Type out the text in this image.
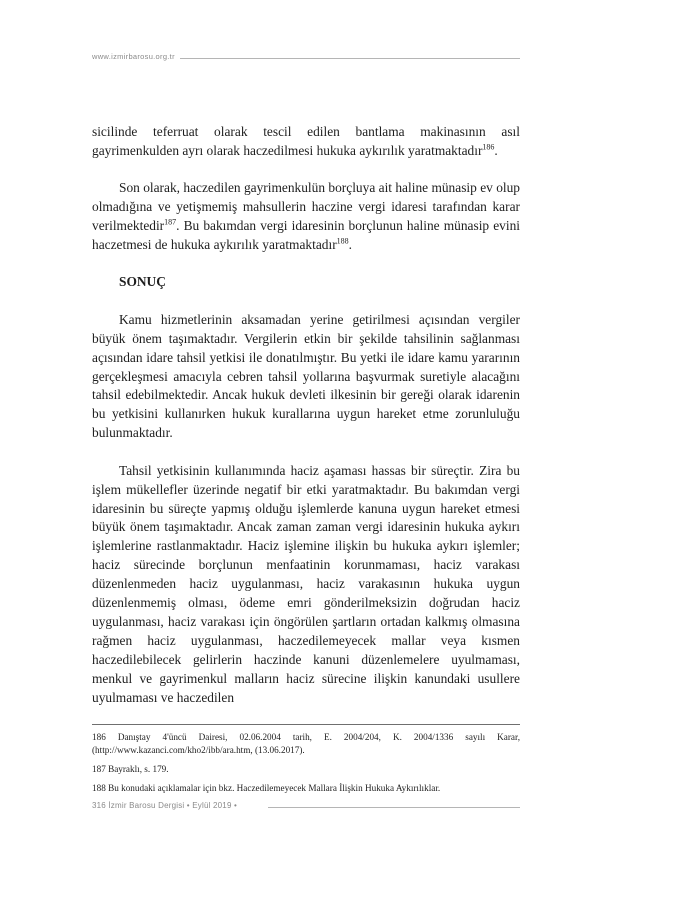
www.izmirbarosu.org.tr

sicilinde teferruat olarak tescil edilen bantlama makinasının asıl gayrimenkulden ayrı olarak haczedilmesi hukuka aykırılık yaratmaktadır$^{186}$.

Son olarak, haczedilen gayrimenkulün borçluya ait haline münasip ev olup olmadığına ve yetişmemiş mahsullerin haczine vergi idaresi tarafından karar verilmektedir$^{187}$. Bu bakımdan vergi idaresinin borçlunun haline münasip evini haczetmesi de hukuka aykırılık yaratmaktadır$^{188}$.

SONUÇ

Kamu hizmetlerinin aksamadan yerine getirilmesi açısından vergiler büyük önem taşımaktadır. Vergilerin etkin bir şekilde tahsilinin sağlanması açısından idare tahsil yetkisi ile donatılmıştır. Bu yetki ile idare kamu yararının gerçekleşmesi amacıyla cebren tahsil yollarına başvurmak suretiyle alacağını tahsil edebilmektedir. Ancak hukuk devleti ilkesinin bir gereği olarak idarenin bu yetkisini kullanırken hukuk kurallarına uygun hareket etme zorunluluğu bulunmaktadır.

Tahsil yetkisinin kullanımında haciz aşaması hassas bir süreçtir. Zira bu işlem mükellefler üzerinde negatif bir etki yaratmaktadır. Bu bakımdan vergi idaresinin bu süreçte yapmış olduğu işlemlerde kanuna uygun hareket etmesi büyük önem taşımaktadır. Ancak zaman zaman vergi idaresinin hukuka aykırı işlemlerine rastlanmaktadır. Haciz işlemine ilişkin bu hukuka aykırı işlemler; haciz sürecinde borçlunun menfaatinin korunmaması, haciz varakası düzenlenmeden haciz uygulanması, haciz varakasının hukuka uygun düzenlenmemiş olması, ödeme emri gönderilmeksizin doğrudan haciz uygulanması, haciz varakası için öngörülen şartların ortadan kalkmış olmasına rağmen haciz uygulanması, haczedilemeyecek mallar veya kısmen haczedilebilecek gelirlerin haczinde kanuni düzenlemelere uyulmaması, menkul ve gayrimenkul malların haciz sürecine ilişkin kanundaki usullere uyulmaması ve haczedilen

186 Danıştay 4'üncü Dairesi, 02.06.2004 tarih, E. 2004/204, K. 2004/1336 sayılı Karar, (http://www.kazanci.com/kho2/ibb/ara.htm, (13.06.2017).

187 Bayraklı, s. 179.

188 Bu konudaki açıklamalar için bkz. Haczedilemeyecek Mallara İlişkin Hukuka Aykırılıklar.

316 İzmir Barosu Dergisi • Eylül 2019 •
